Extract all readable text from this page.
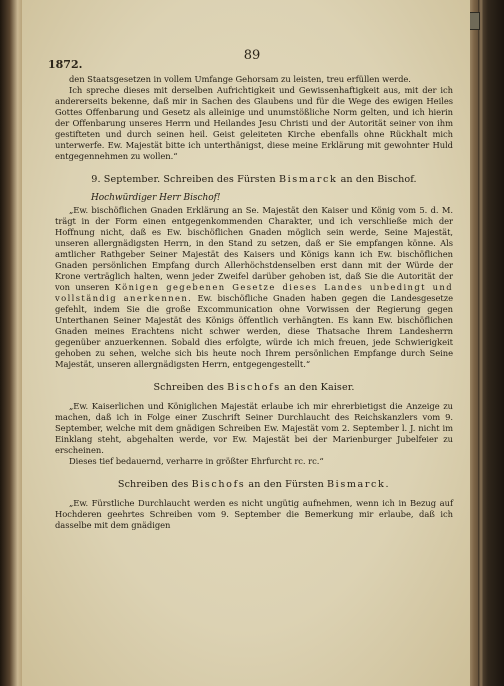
1872.
89

den Staatsgesetzen in vollem Umfange Gehorsam zu leisten, treu erfüllen werde.

Ich spreche dieses mit derselben Aufrichtigkeit und Gewissenhaftigkeit aus, mit der ich andererseits bekenne, daß mir in Sachen des Glaubens und für die Wege des ewigen Heiles Gottes Offenbarung und Gesetz als alleinige und unumstößliche Norm gelten, und ich hierin der Offenbarung unseres Herrn und Heilandes Jesu Christi und der Autorität seiner von ihm gestifteten und durch seinen heil. Geist geleiteten Kirche ebenfalls ohne Rückhalt mich unterwerfe. Ew. Majestät bitte ich unterthänigst, diese meine Erklärung mit gewohnter Huld entgegennehmen zu wollen.“

9. September. Schreiben des Fürsten Bismarck an den Bischof.
Hochwürdiger Herr Bischof!

„Ew. bischöflichen Gnaden Erklärung an Se. Majestät den Kaiser und König vom 5. d. M. trägt in der Form einen entgegenkommenden Charakter, und ich verschließe mich der Hoffnung nicht, daß es Ew. bischöflichen Gnaden möglich sein werde, Seine Majestät, unseren allergnädigsten Herrn, in den Stand zu setzen, daß er Sie empfangen könne. Als amtlicher Rathgeber Seiner Majestät des Kaisers und Königs kann ich Ew. bischöflichen Gnaden persönlichen Empfang durch Allerhöchstdenselben erst dann mit der Würde der Krone verträglich halten, wenn jeder Zweifel darüber gehoben ist, daß Sie die Autorität der von unseren Königen gegebenen Gesetze dieses Landes unbedingt und vollständig anerkennen. Ew. bischöfliche Gnaden haben gegen die Landesgesetze gefehlt, indem Sie die große Excommunication ohne Vorwissen der Regierung gegen Unterthanen Seiner Majestät des Königs öffentlich verhängten. Es kann Ew. bischöflichen Gnaden meines Erachtens nicht schwer werden, diese Thatsache Ihrem Landesherrn gegenüber anzuerkennen. Sobald dies erfolgte, würde ich mich freuen, jede Schwierigkeit gehoben zu sehen, welche sich bis heute noch Ihrem persönlichen Empfange durch Seine Majestät, unseren allergnädigsten Herrn, entgegengestellt.“

Schreiben des Bischofs an den Kaiser.

„Ew. Kaiserlichen und Königlichen Majestät erlaube ich mir ehrerbietigst die Anzeige zu machen, daß ich in Folge einer Zuschrift Seiner Durchlaucht des Reichskanzlers vom 9. September, welche mit dem gnädigen Schreiben Ew. Majestät vom 2. September l. J. nicht im Einklang steht, abgehalten werde, vor Ew. Majestät bei der Marienburger Jubelfeier zu erscheinen.

Dieses tief bedauernd, verharre in größter Ehrfurcht rc. rc.“

Schreiben des Bischofs an den Fürsten Bismarck.

„Ew. Fürstliche Durchlaucht werden es nicht ungütig aufnehmen, wenn ich in Bezug auf Hochderen geehrtes Schreiben vom 9. September die Bemerkung mir erlaube, daß ich dasselbe mit dem gnädigen
